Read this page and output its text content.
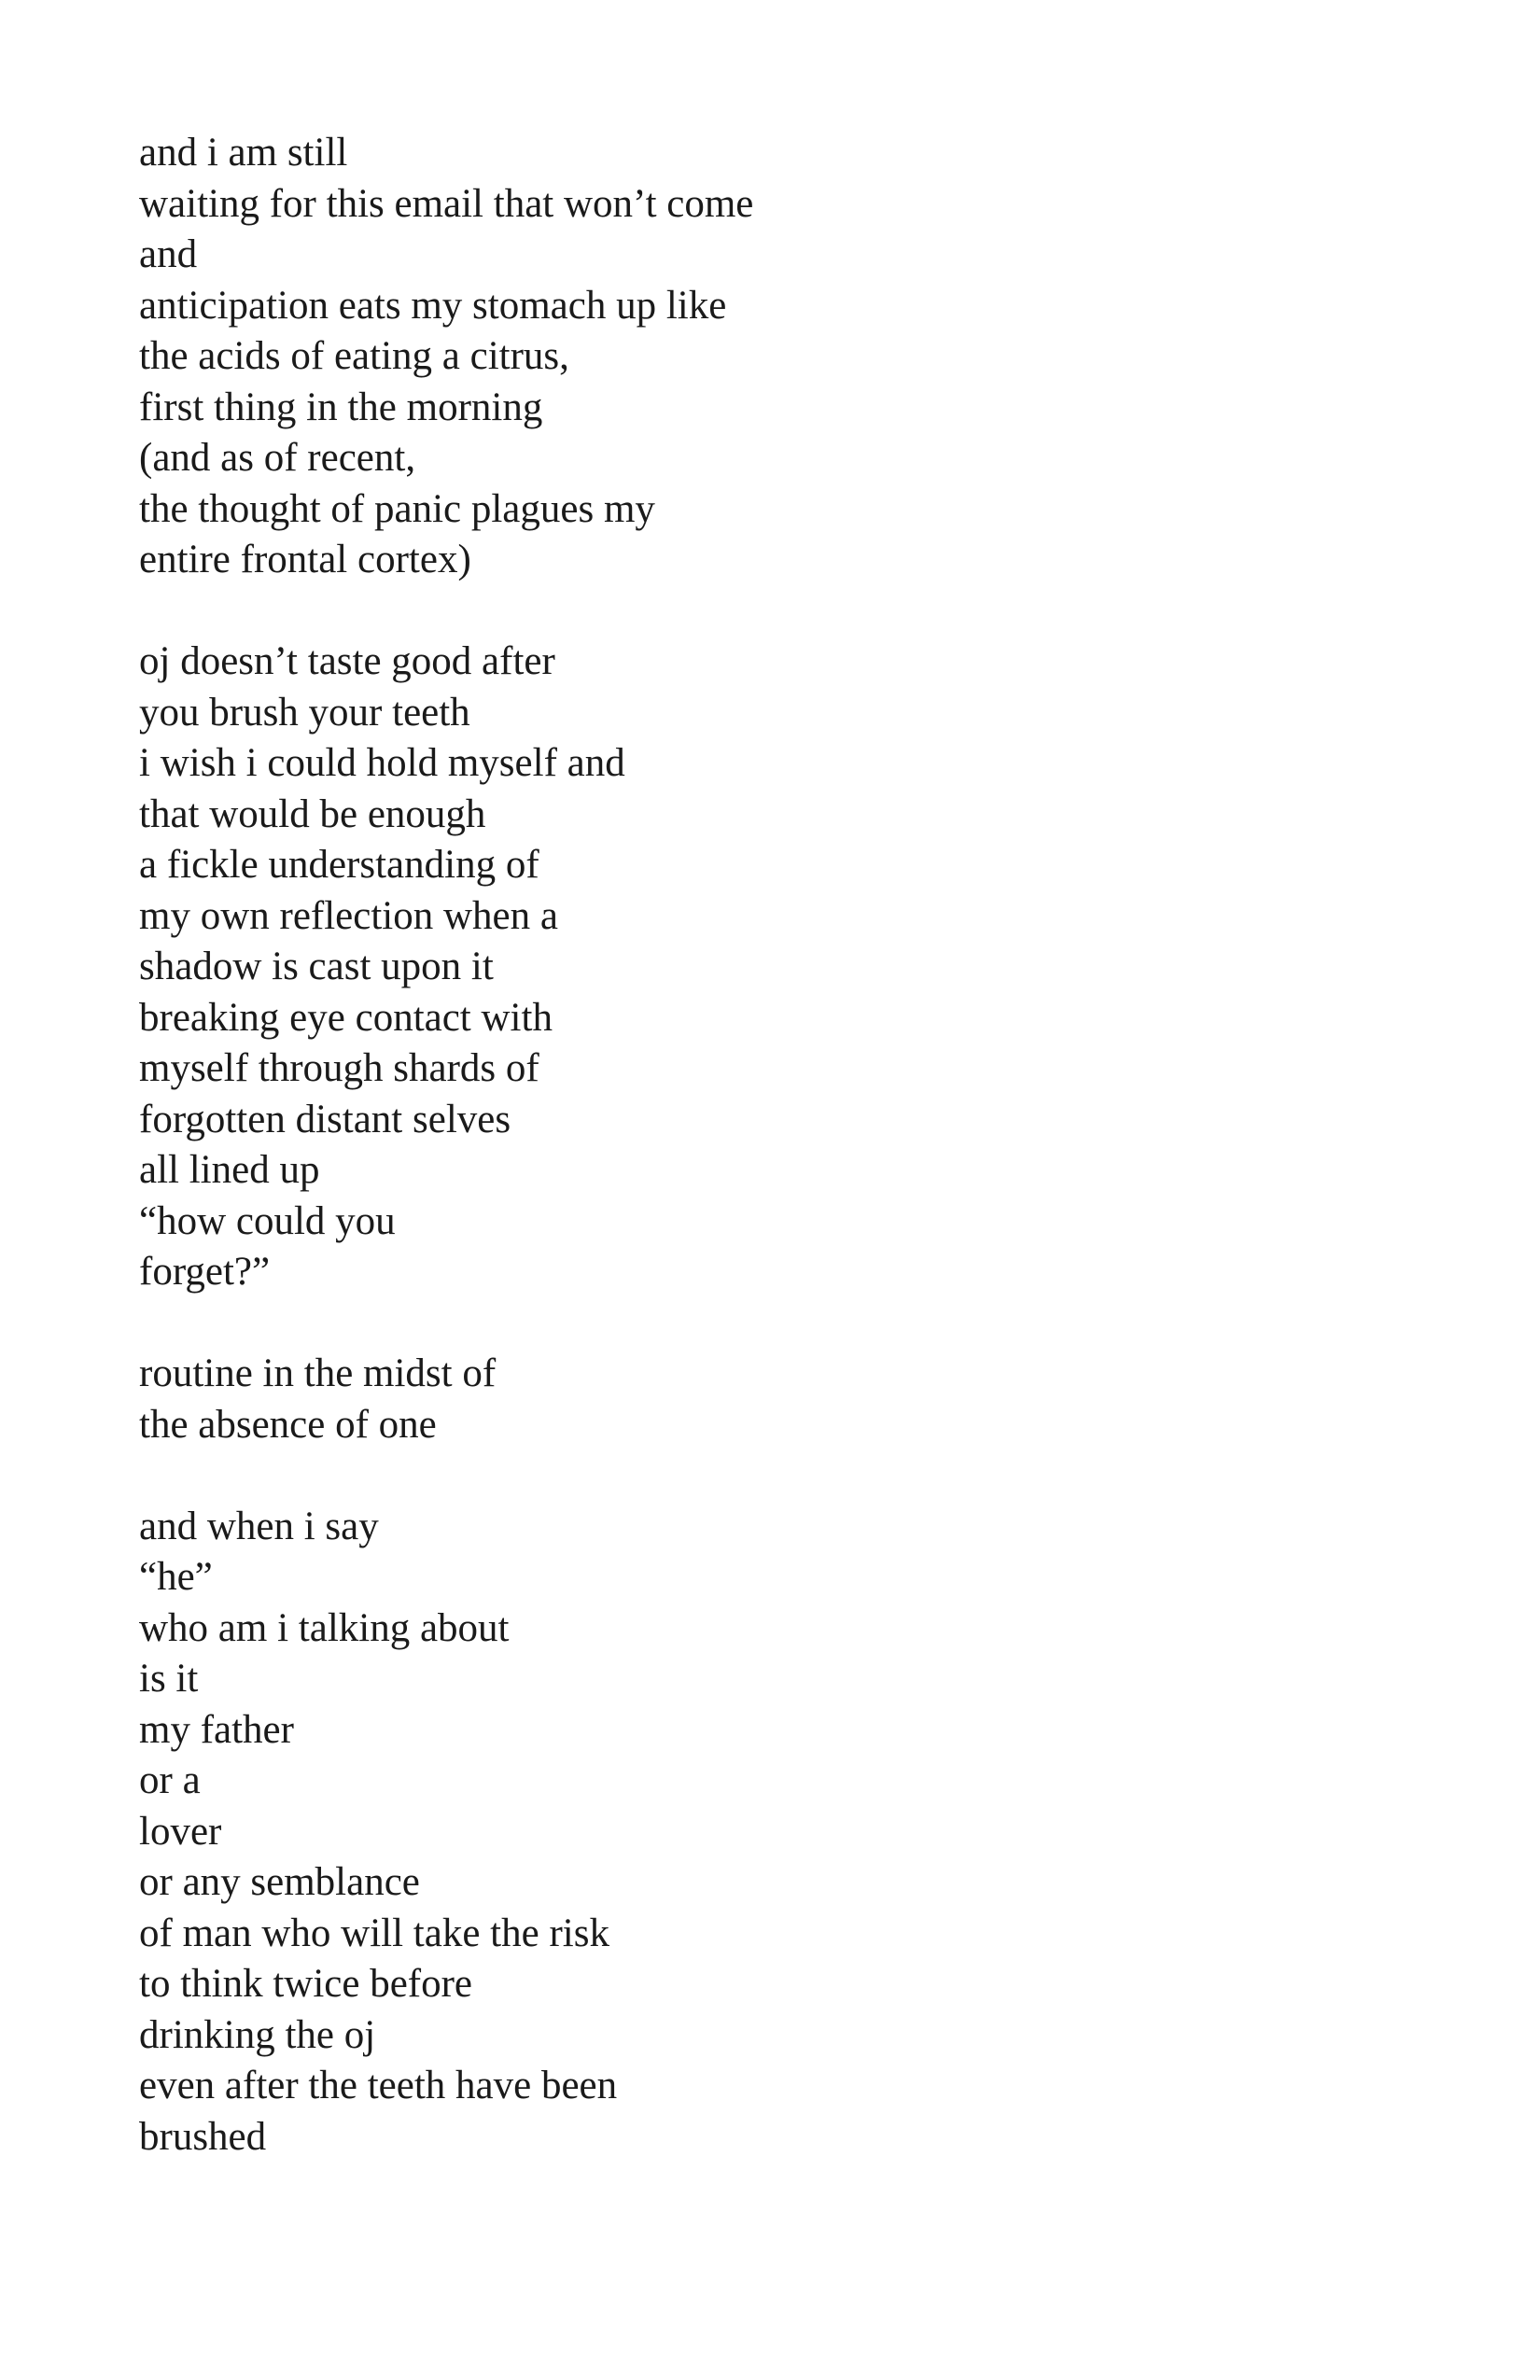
and i am still
waiting for this email that won’t come
and
anticipation eats my stomach up like
the acids of eating a citrus,
first thing in the morning
(and as of recent,
the thought of panic plagues my
entire frontal cortex)
oj doesn’t taste good after
you brush your teeth
i wish i could hold myself and
that would be enough
a fickle understanding of
my own reflection when a
shadow is cast upon it
breaking eye contact with
myself through shards of
forgotten distant selves
all lined up
“how could you
forget?”
routine in the midst of
the absence of one
and when i say
“he”
who am i talking about
is it
my father
or a
lover
or any semblance
of man who will take the risk
to think twice before
drinking the oj
even after the teeth have been
brushed
